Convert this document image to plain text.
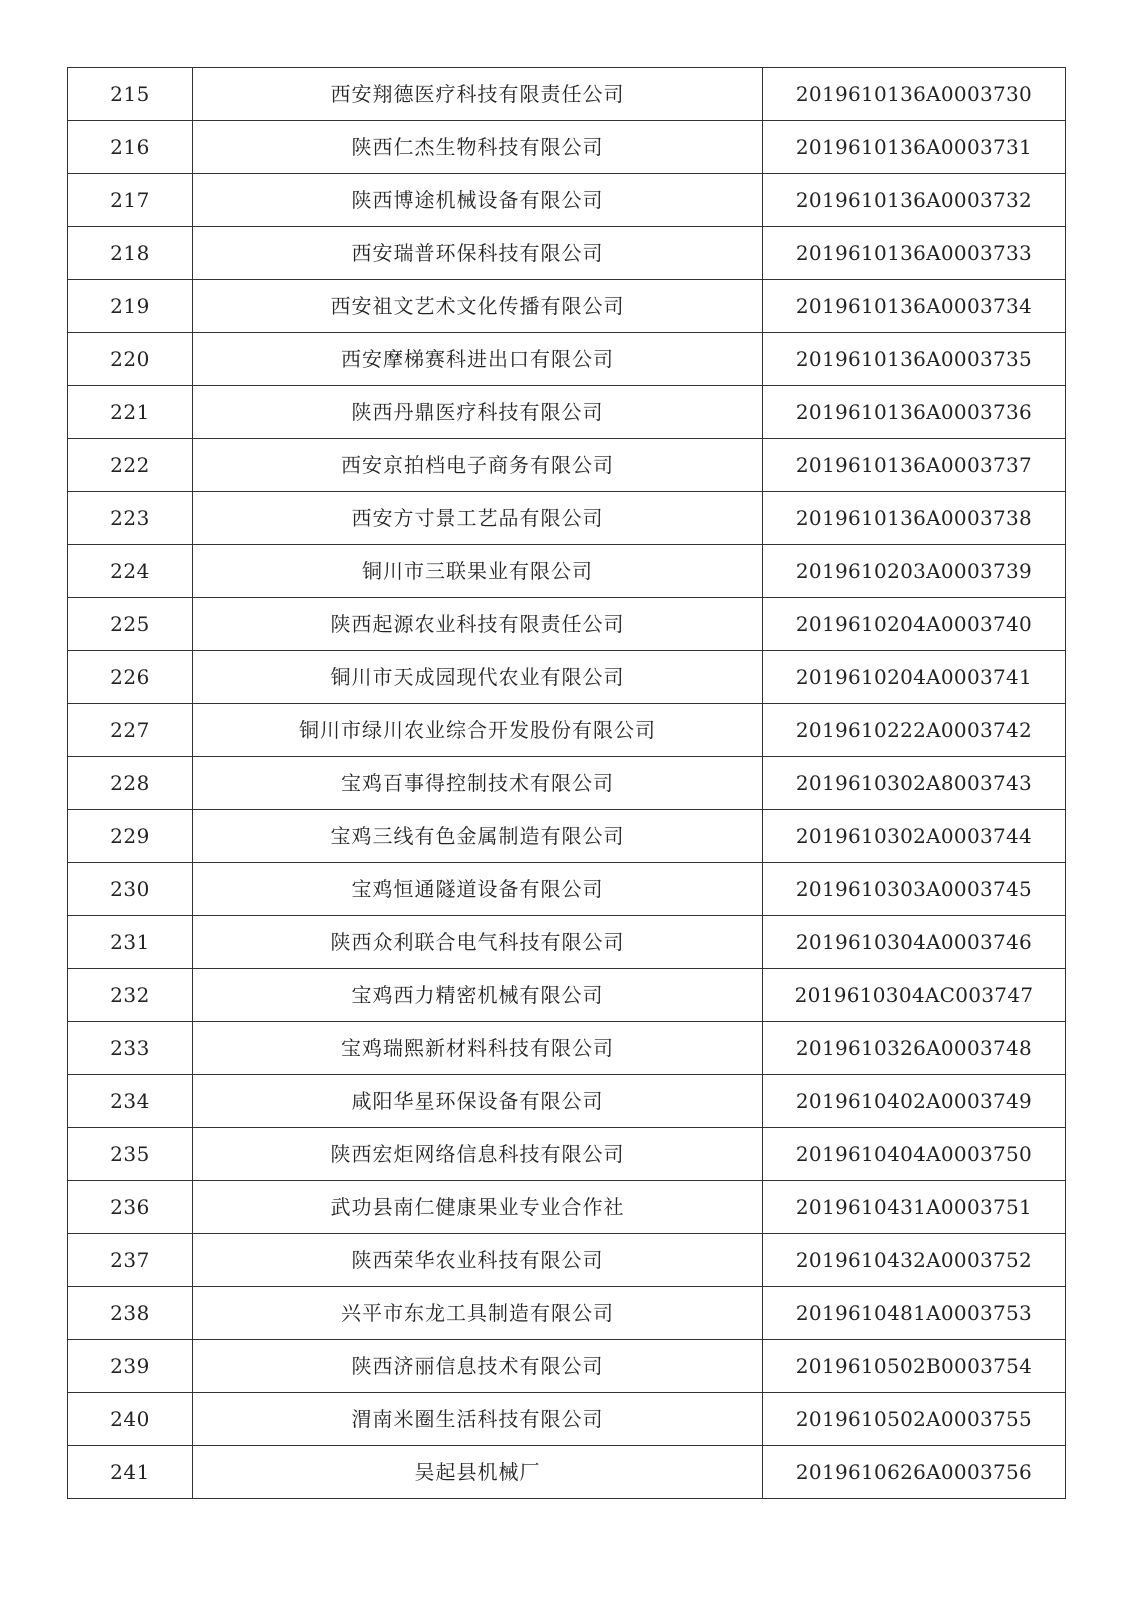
215	西安翔德医疗科技有限责任公司	2019610136A0003730
216	陕西仁杰生物科技有限公司	2019610136A0003731
217	陕西博途机械设备有限公司	2019610136A0003732
218	西安瑞普环保科技有限公司	2019610136A0003733
219	西安祖文艺术文化传播有限公司	2019610136A0003734
220	西安摩梯赛科进出口有限公司	2019610136A0003735
221	陕西丹鼎医疗科技有限公司	2019610136A0003736
222	西安京拍档电子商务有限公司	2019610136A0003737
223	西安方寸景工艺品有限公司	2019610136A0003738
224	铜川市三联果业有限公司	2019610203A0003739
225	陕西起源农业科技有限责任公司	2019610204A0003740
226	铜川市天成园现代农业有限公司	2019610204A0003741
227	铜川市绿川农业综合开发股份有限公司	2019610222A0003742
228	宝鸡百事得控制技术有限公司	2019610302A8003743
229	宝鸡三线有色金属制造有限公司	2019610302A0003744
230	宝鸡恒通隧道设备有限公司	2019610303A0003745
231	陕西众利联合电气科技有限公司	2019610304A0003746
232	宝鸡西力精密机械有限公司	2019610304AC003747
233	宝鸡瑞熙新材料科技有限公司	2019610326A0003748
234	咸阳华星环保设备有限公司	2019610402A0003749
235	陕西宏炬网络信息科技有限公司	2019610404A0003750
236	武功县南仁健康果业专业合作社	2019610431A0003751
237	陕西荣华农业科技有限公司	2019610432A0003752
238	兴平市东龙工具制造有限公司	2019610481A0003753
239	陕西济丽信息技术有限公司	2019610502B0003754
240	渭南米圈生活科技有限公司	2019610502A0003755
241	吴起县机械厂	2019610626A0003756
